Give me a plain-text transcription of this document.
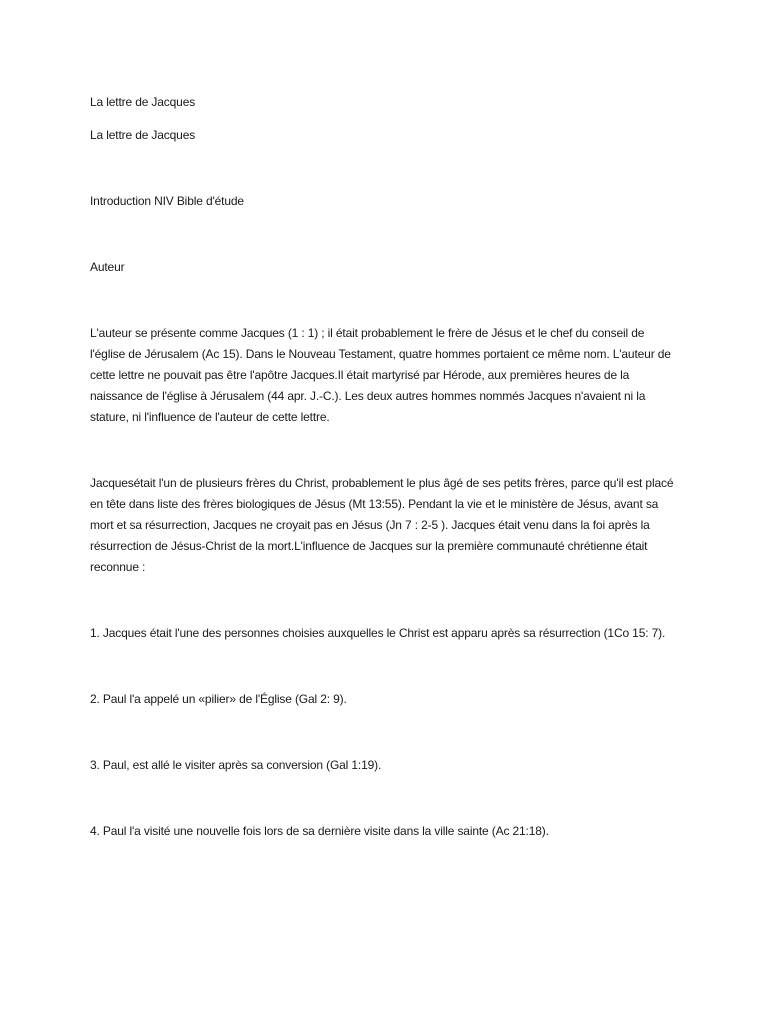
La lettre de Jacques

La lettre de Jacques

Introduction NIV Bible d'étude

Auteur

L'auteur se présente comme Jacques (1 : 1) ; il était probablement le frère de Jésus et le chef du conseil de l'église de Jérusalem (Ac 15). Dans le Nouveau Testament, quatre hommes portaient ce même nom. L'auteur de cette lettre ne pouvait pas être l'apôtre Jacques.Il était martyrisé par Hérode, aux premières heures de la naissance de l'église à Jérusalem (44 apr. J.-C.). Les deux autres hommes nommés Jacques n'avaient ni la stature, ni l'influence de l'auteur de cette lettre.

Jacquesétait l'un de plusieurs frères du Christ, probablement le plus âgé de ses petits frères, parce qu'il est placé en tête dans liste des frères biologiques de Jésus (Mt 13:55). Pendant la vie et le ministère de Jésus, avant sa mort et sa résurrection, Jacques ne croyait pas en Jésus (Jn 7 : 2-5 ). Jacques était venu dans la foi après la résurrection de Jésus-Christ de la mort.L'influence de Jacques sur la première communauté chrétienne était reconnue :

1. Jacques était l'une des personnes choisies auxquelles le Christ est apparu après sa résurrection (1Co 15: 7).

2. Paul l'a appelé un «pilier» de l'Église (Gal 2: 9).

3. Paul, est allé le visiter après sa conversion (Gal 1:19).

4. Paul l'a visité une nouvelle fois lors de sa dernière visite dans la ville sainte (Ac 21:18).
